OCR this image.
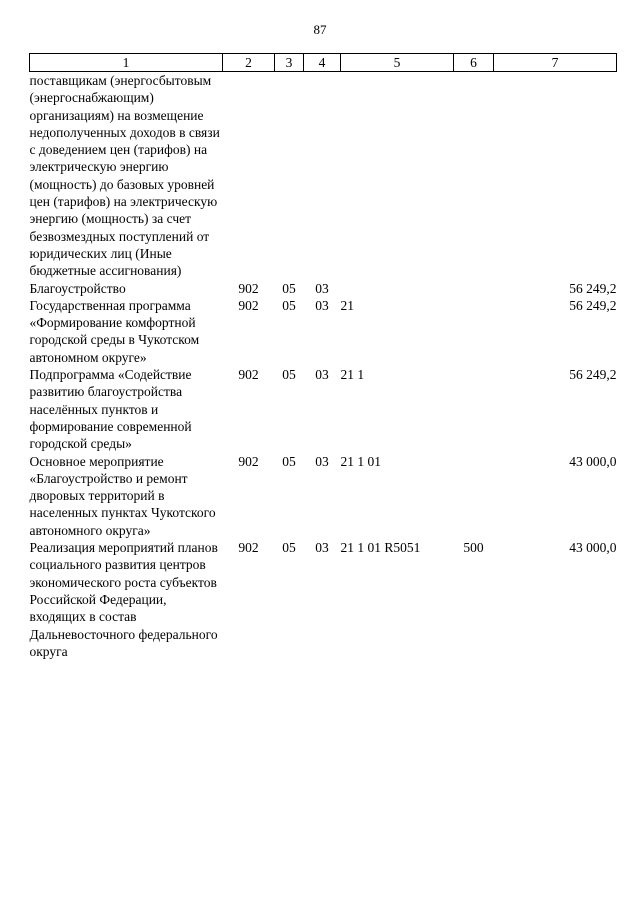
87
1	2	3	4	5	6	7
поставщикам (энергосбытовым (энергоснабжающим) организациям) на возмещение недополученных доходов в связи с доведением цен (тарифов) на электрическую энергию (мощность) до базовых уровней цен (тарифов) на электрическую энергию (мощность) за счет безвозмездных поступлений от юридических лиц (Иные бюджетные ассигнования)						
Благоустройство	902	05	03			56 249,2
Государственная программа «Формирование комфортной городской среды в Чукотском автономном округе»	902	05	03	21		56 249,2
Подпрограмма «Содействие развитию благоустройства населённых пунктов и формирование современной городской среды»	902	05	03	21 1		56 249,2
Основное мероприятие «Благоустройство и ремонт дворовых территорий в населенных пунктах Чукотского автономного округа»	902	05	03	21 1 01		43 000,0
Реализация мероприятий планов социального развития центров экономического роста субъектов Российской Федерации, входящих в состав Дальневосточного федерального округа	902	05	03	21 1 01 R5051	500	43 000,0
